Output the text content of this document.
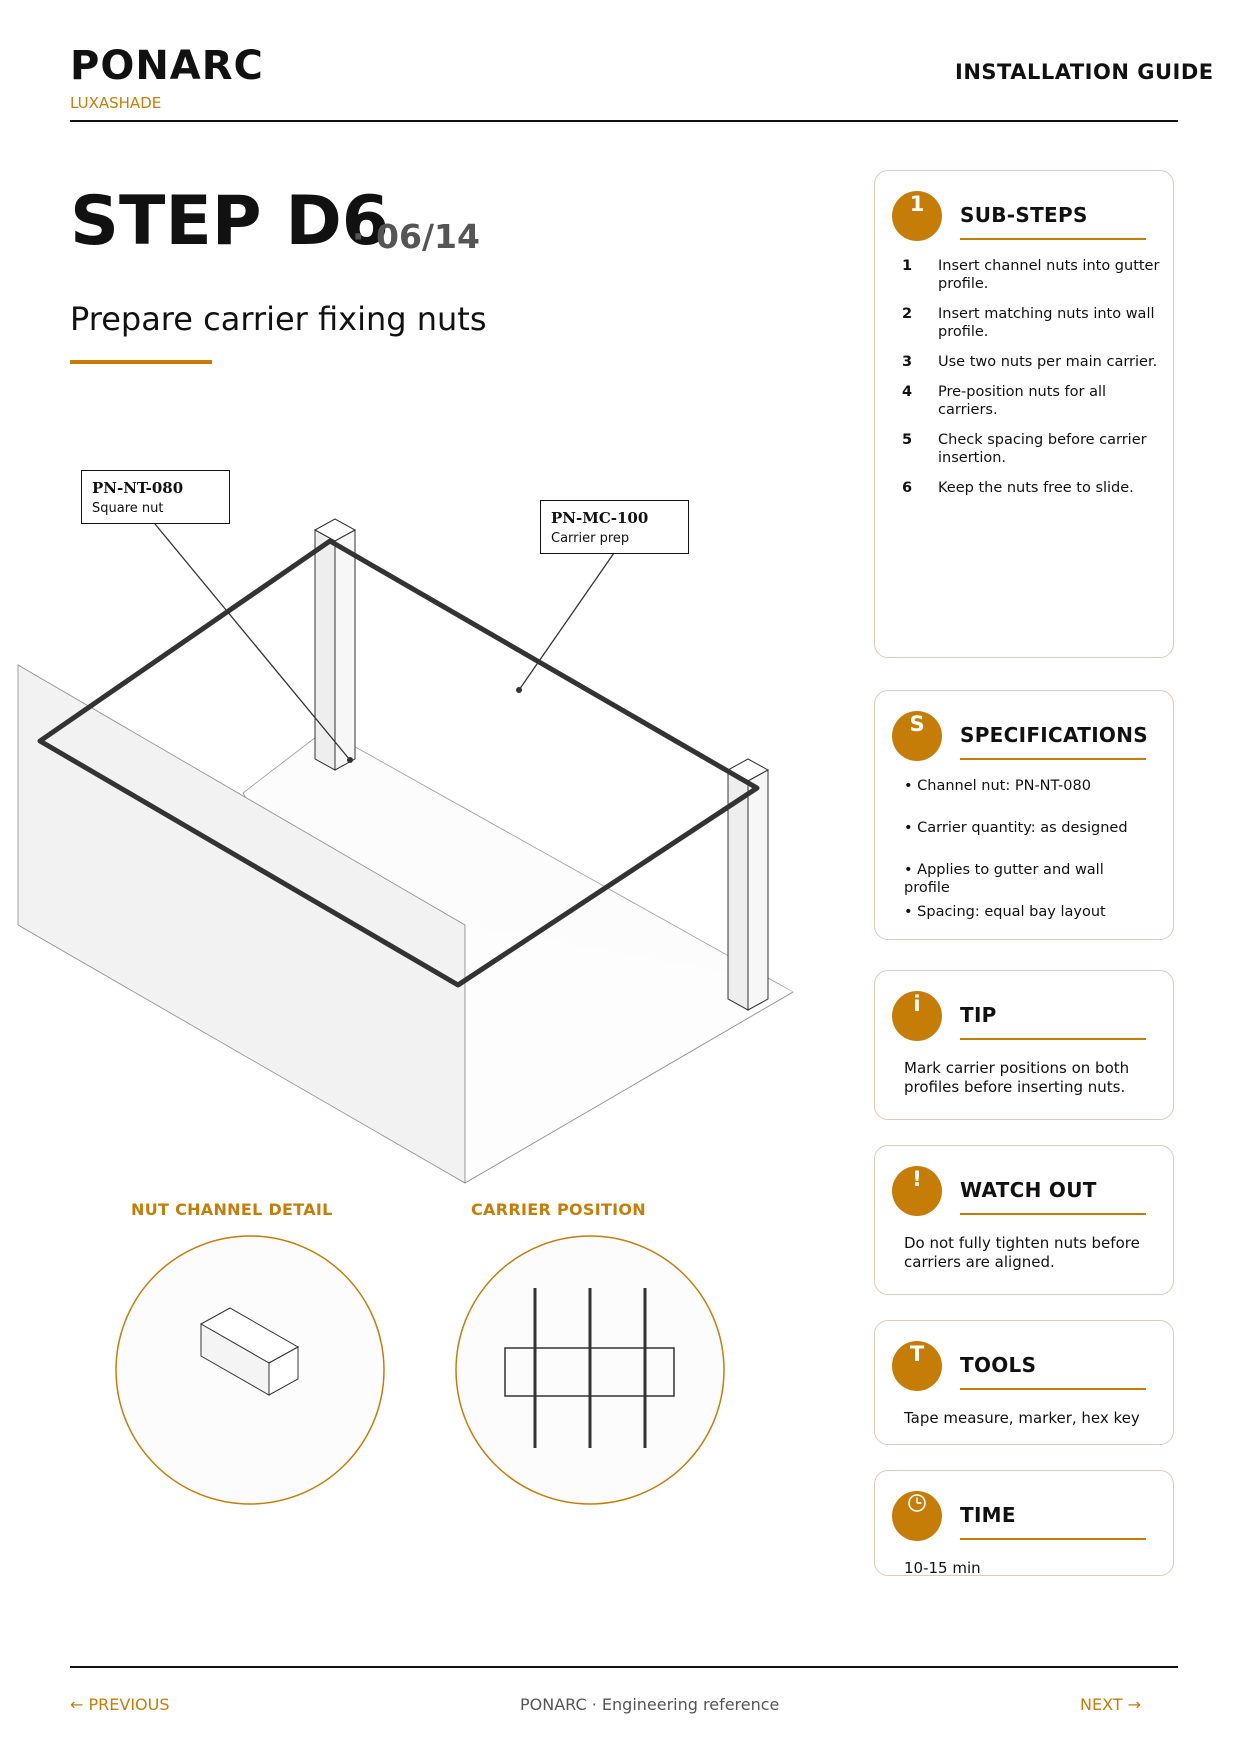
PONARC
LUXASHADE
INSTALLATION GUIDE
STEP D6
· 06/14
Prepare carrier fixing nuts
PN-NT-080
Square nut
PN-MC-100
Carrier prep
NUT CHANNEL DETAIL	CARRIER POSITION
1	SUB-STEPS
1	Insert channel nuts into gutter profile.
2	Insert matching nuts into wall profile.
3	Use two nuts per main carrier.
4	Pre-position nuts for all carriers.
5	Check spacing before carrier insertion.
6	Keep the nuts free to slide.
S	SPECIFICATIONS
• Channel nut: PN-NT-080
• Carrier quantity: as designed
• Applies to gutter and wall profile
• Spacing: equal bay layout
i	TIP
Mark carrier positions on both profiles before inserting nuts.
!	WATCH OUT
Do not fully tighten nuts before carriers are aligned.
T	TOOLS
Tape measure, marker, hex key
TIME
10-15 min
← PREVIOUS	PONARC · Engineering reference	NEXT →
